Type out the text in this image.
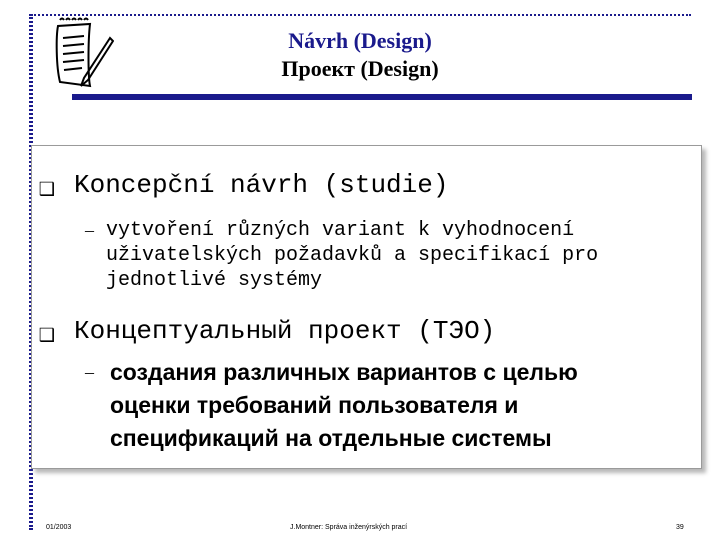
Návrh (Design)
Проект (Design)
❑ Koncepční návrh (studie)
– vytvoření různých variant k vyhodnocení
uživatelských požadavků a specifikací pro
jednotlivé systémy
❑ Концептуальный проект (ТЭО)
– создания различных вариантов с целью
оценки требований пользователя и
спецификаций на отдельные системы
01/2003	J.Montner: Správa inženýrských prací	39
